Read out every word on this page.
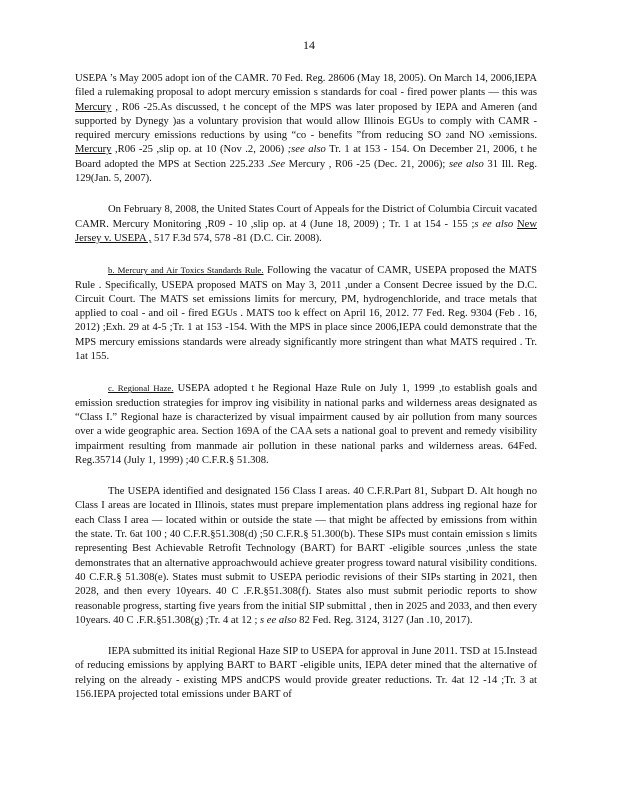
14

USEPA ’s May 2005 adopt ion of the CAMR. 70 Fed. Reg. 28606 (May 18, 2005). On March 14, 2006,IEPA filed a rulemaking proposal to adopt mercury emission s standards for coal - fired power plants — this was Mercury , R06 -25.As discussed, t he concept of the MPS was later proposed by IEPA and Ameren (and supported by Dynegy )as a voluntary provision that would allow Illinois EGUs to comply with CAMR - required mercury emissions reductions by using “co - benefits ”from reducing SO 2and NO xemissions. Mercury ,R06 -25 ,slip op. at 10 (Nov .2, 2006) ;see also Tr. 1 at 153 - 154. On December 21, 2006, t he Board adopted the MPS at Section 225.233 .See Mercury , R06 -25 (Dec. 21, 2006); see also 31 Ill. Reg. 129(Jan. 5, 2007).

On February 8, 2008, the United States Court of Appeals for the District of Columbia Circuit vacated CAMR. Mercury Monitoring ,R09 - 10 ,slip op. at 4 (June 18, 2009) ; Tr. 1 at 154 - 155 ;s ee also New Jersey v. USEPA , 517 F.3d 574, 578 -81 (D.C. Cir. 2008).

b. Mercury and Air Toxics Standards Rule. Following the vacatur of CAMR, USEPA proposed the MATS Rule . Specifically, USEPA proposed MATS on May 3, 2011 ,under a Consent Decree issued by the D.C. Circuit Court. The MATS set emissions limits for mercury, PM, hydrogenchloride, and trace metals that applied to coal - and oil - fired EGUs . MATS too k effect on April 16, 2012. 77 Fed. Reg. 9304 (Feb . 16, 2012) ;Exh. 29 at 4-5 ;Tr. 1 at 153 -154. With the MPS in place since 2006,IEPA could demonstrate that the MPS mercury emissions standards were already significantly more stringent than what MATS required . Tr. 1at 155.

c. Regional Haze. USEPA adopted t he Regional Haze Rule on July 1, 1999 ,to establish goals and emission sreduction strategies for improv ing visibility in national parks and wilderness areas designated as “Class I.” Regional haze is characterized by visual impairment caused by air pollution from many sources over a wide geographic area. Section 169A of the CAA sets a national goal to prevent and remedy visibility impairment resulting from manmade air pollution in these national parks and wilderness areas. 64Fed. Reg.35714 (July 1, 1999) ;40 C.F.R.§ 51.308.

The USEPA identified and designated 156 Class I areas. 40 C.F.R.Part 81, Subpart D. Alt hough no Class I areas are located in Illinois, states must prepare implementation plans address ing regional haze for each Class I area — located within or outside the state — that might be affected by emissions from within the state. Tr. 6at 100 ; 40 C.F.R.§51.308(d) ;50 C.F.R.§ 51.300(b). These SIPs must contain emission s limits representing Best Achievable Retrofit Technology (BART) for BART -eligible sources ,unless the state demonstrates that an alternative approachwould achieve greater progress toward natural visibility conditions. 40 C.F.R.§ 51.308(e). States must submit to USEPA periodic revisions of their SIPs starting in 2021, then 2028, and then every 10years. 40 C .F.R.§51.308(f). States also must submit periodic reports to show reasonable progress, starting five years from the initial SIP submittal , then in 2025 and 2033, and then every 10years. 40 C .F.R.§51.308(g) ;Tr. 4 at 12 ; s ee also 82 Fed. Reg. 3124, 3127 (Jan .10, 2017).

IEPA submitted its initial Regional Haze SIP to USEPA for approval in June 2011. TSD at 15.Instead of reducing emissions by applying BART to BART -eligible units, IEPA deter mined that the alternative of relying on the already - existing MPS andCPS would provide greater reductions. Tr. 4at 12 -14 ;Tr. 3 at 156.IEPA projected total emissions under BART of
